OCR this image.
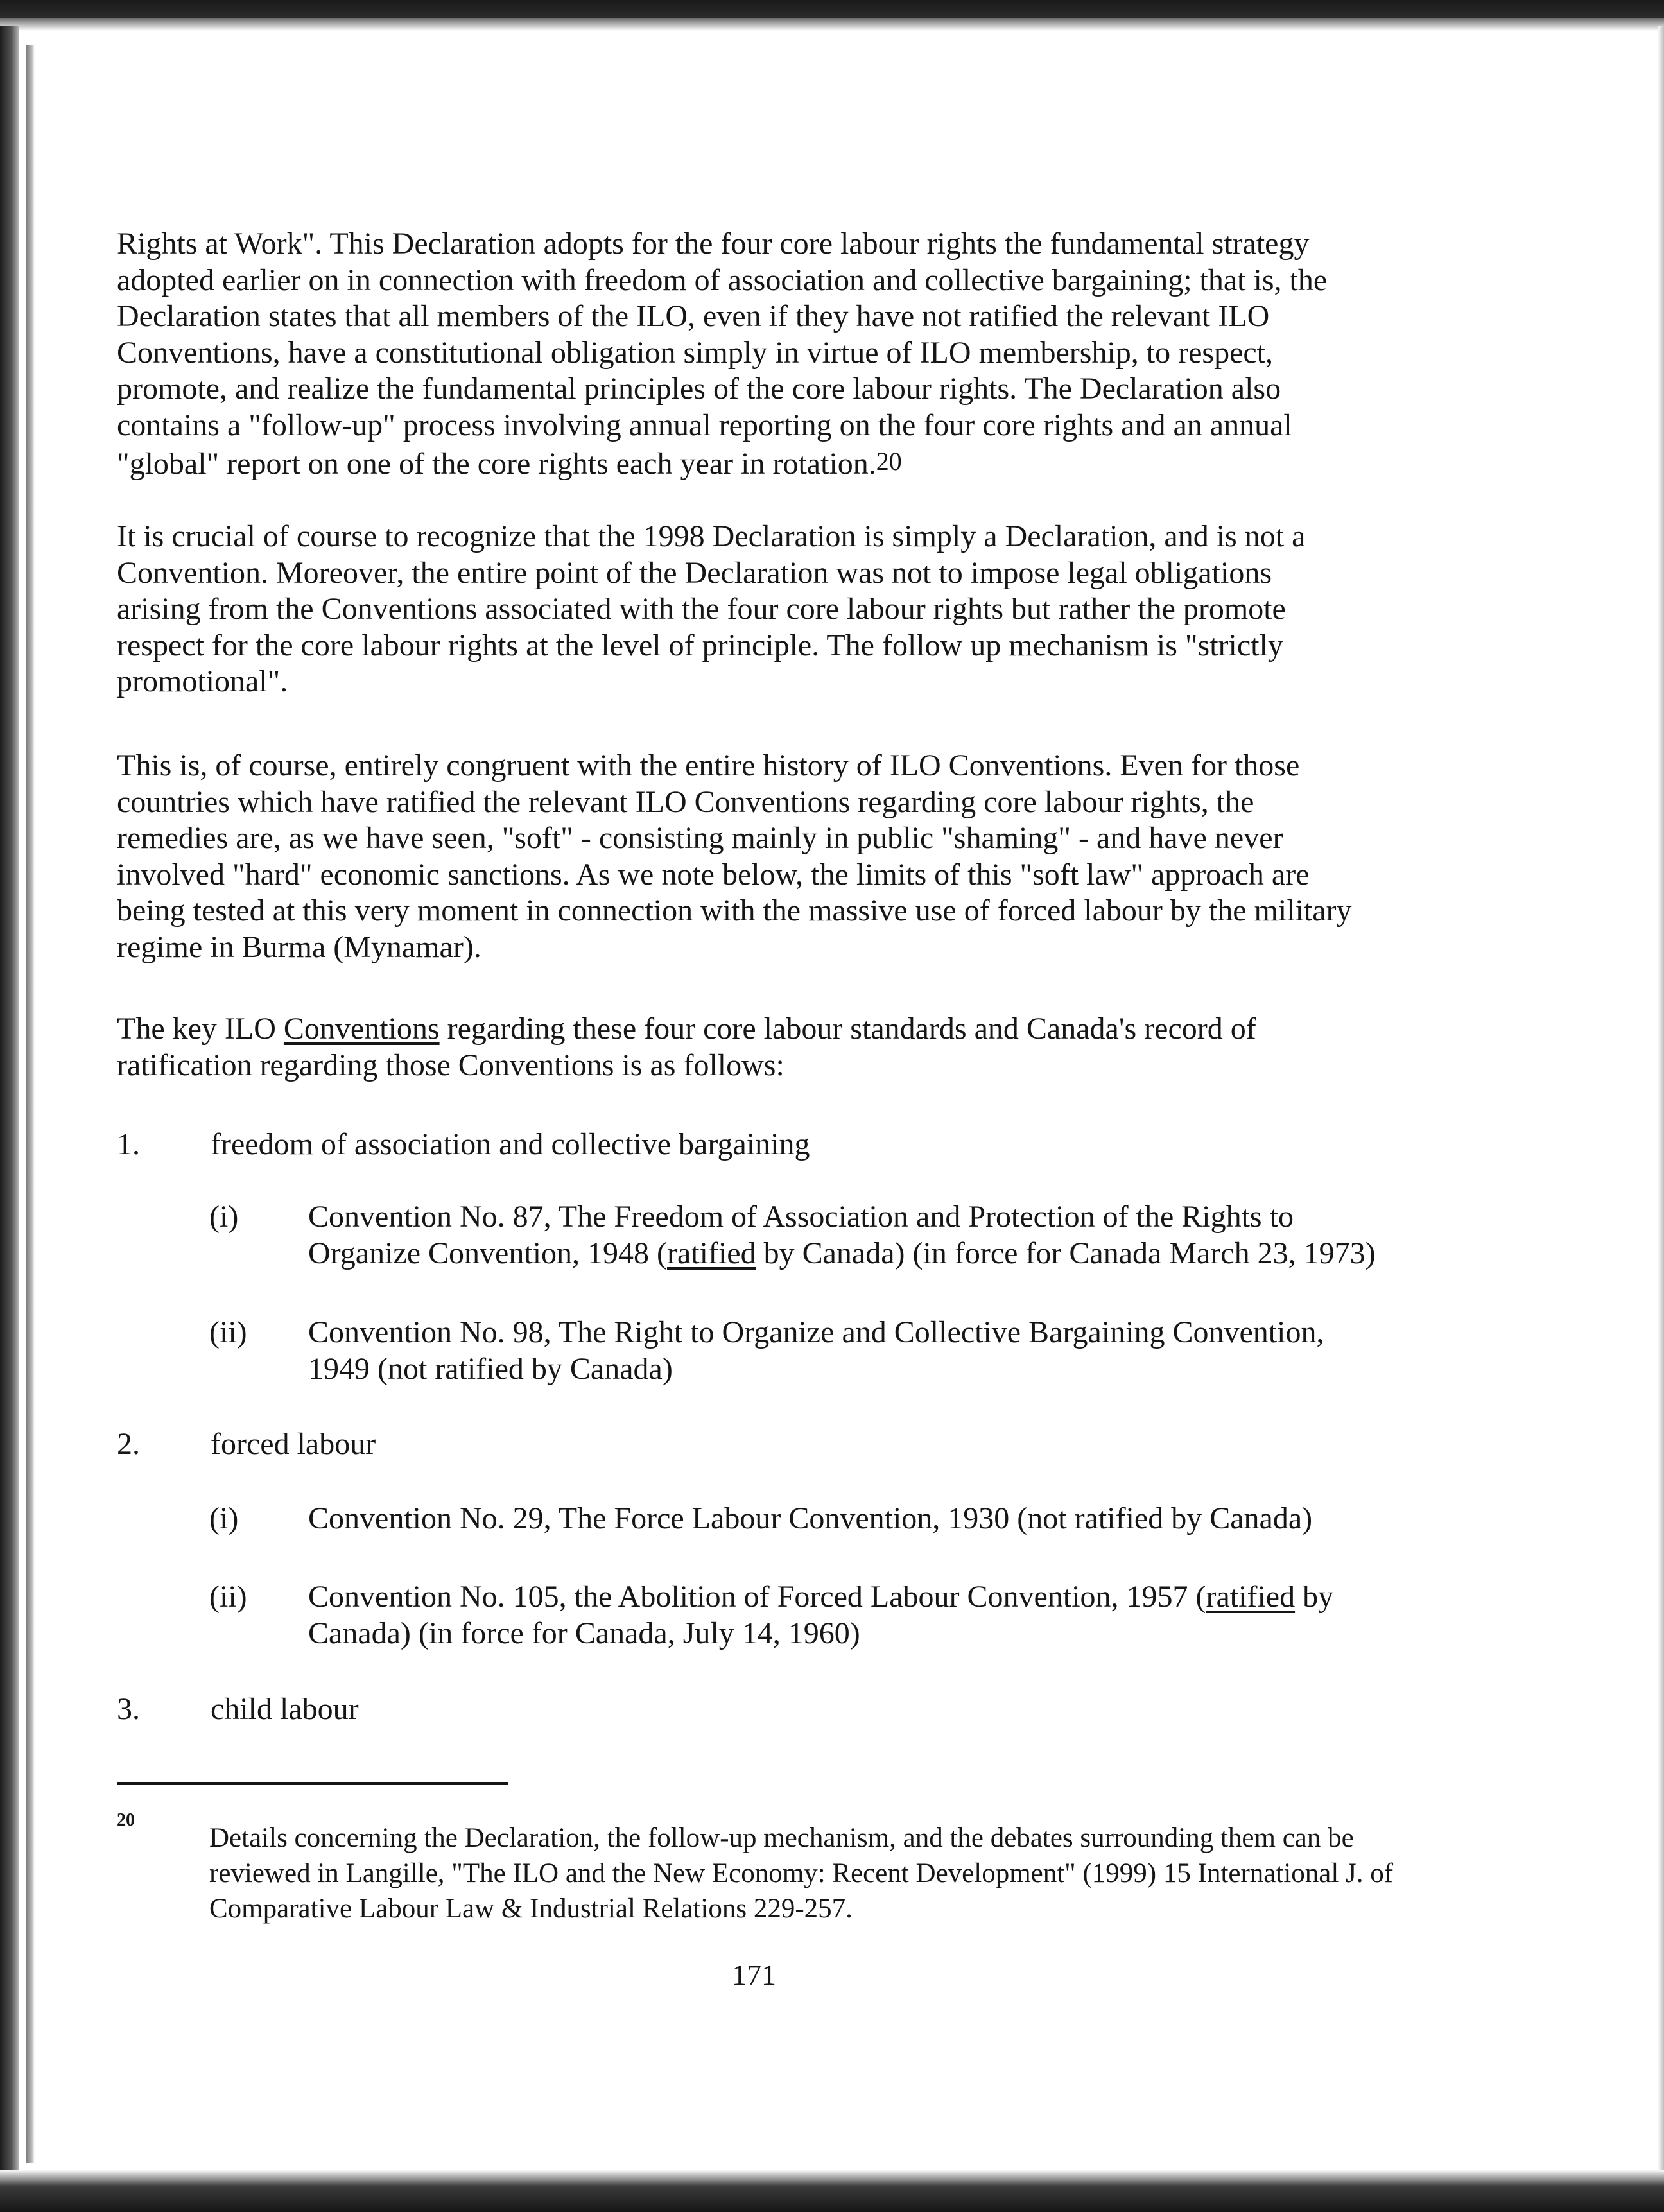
Rights at Work". This Declaration adopts for the four core labour rights the fundamental strategy adopted earlier on in connection with freedom of association and collective bargaining; that is, the Declaration states that all members of the ILO, even if they have not ratified the relevant ILO Conventions, have a constitutional obligation simply in virtue of ILO membership, to respect, promote, and realize the fundamental principles of the core labour rights. The Declaration also contains a "follow-up" process involving annual reporting on the four core rights and an annual "global" report on one of the core rights each year in rotation.$^{20}$

It is crucial of course to recognize that the 1998 Declaration is simply a Declaration, and is not a Convention. Moreover, the entire point of the Declaration was not to impose legal obligations arising from the Conventions associated with the four core labour rights but rather the promote respect for the core labour rights at the level of principle. The follow up mechanism is "strictly promotional".

This is, of course, entirely congruent with the entire history of ILO Conventions. Even for those countries which have ratified the relevant ILO Conventions regarding core labour rights, the remedies are, as we have seen, "soft" - consisting mainly in public "shaming" - and have never involved "hard" economic sanctions. As we note below, the limits of this "soft law" approach are being tested at this very moment in connection with the massive use of forced labour by the military regime in Burma (Mynamar).

The key ILO Conventions regarding these four core labour standards and Canada's record of ratification regarding those Conventions is as follows:

1. freedom of association and collective bargaining
(i) Convention No. 87, The Freedom of Association and Protection of the Rights to Organize Convention, 1948 (ratified by Canada) (in force for Canada March 23, 1973)
(ii) Convention No. 98, The Right to Organize and Collective Bargaining Convention, 1949 (not ratified by Canada)
2. forced labour
(i) Convention No. 29, The Force Labour Convention, 1930 (not ratified by Canada)
(ii) Convention No. 105, the Abolition of Forced Labour Convention, 1957 (ratified by Canada) (in force for Canada, July 14, 1960)
3. child labour
20

Details concerning the Declaration, the follow-up mechanism, and the debates surrounding them can be reviewed in Langille, "The ILO and the New Economy: Recent Development" (1999) 15 International J. of Comparative Labour Law & Industrial Relations 229-257.

171
